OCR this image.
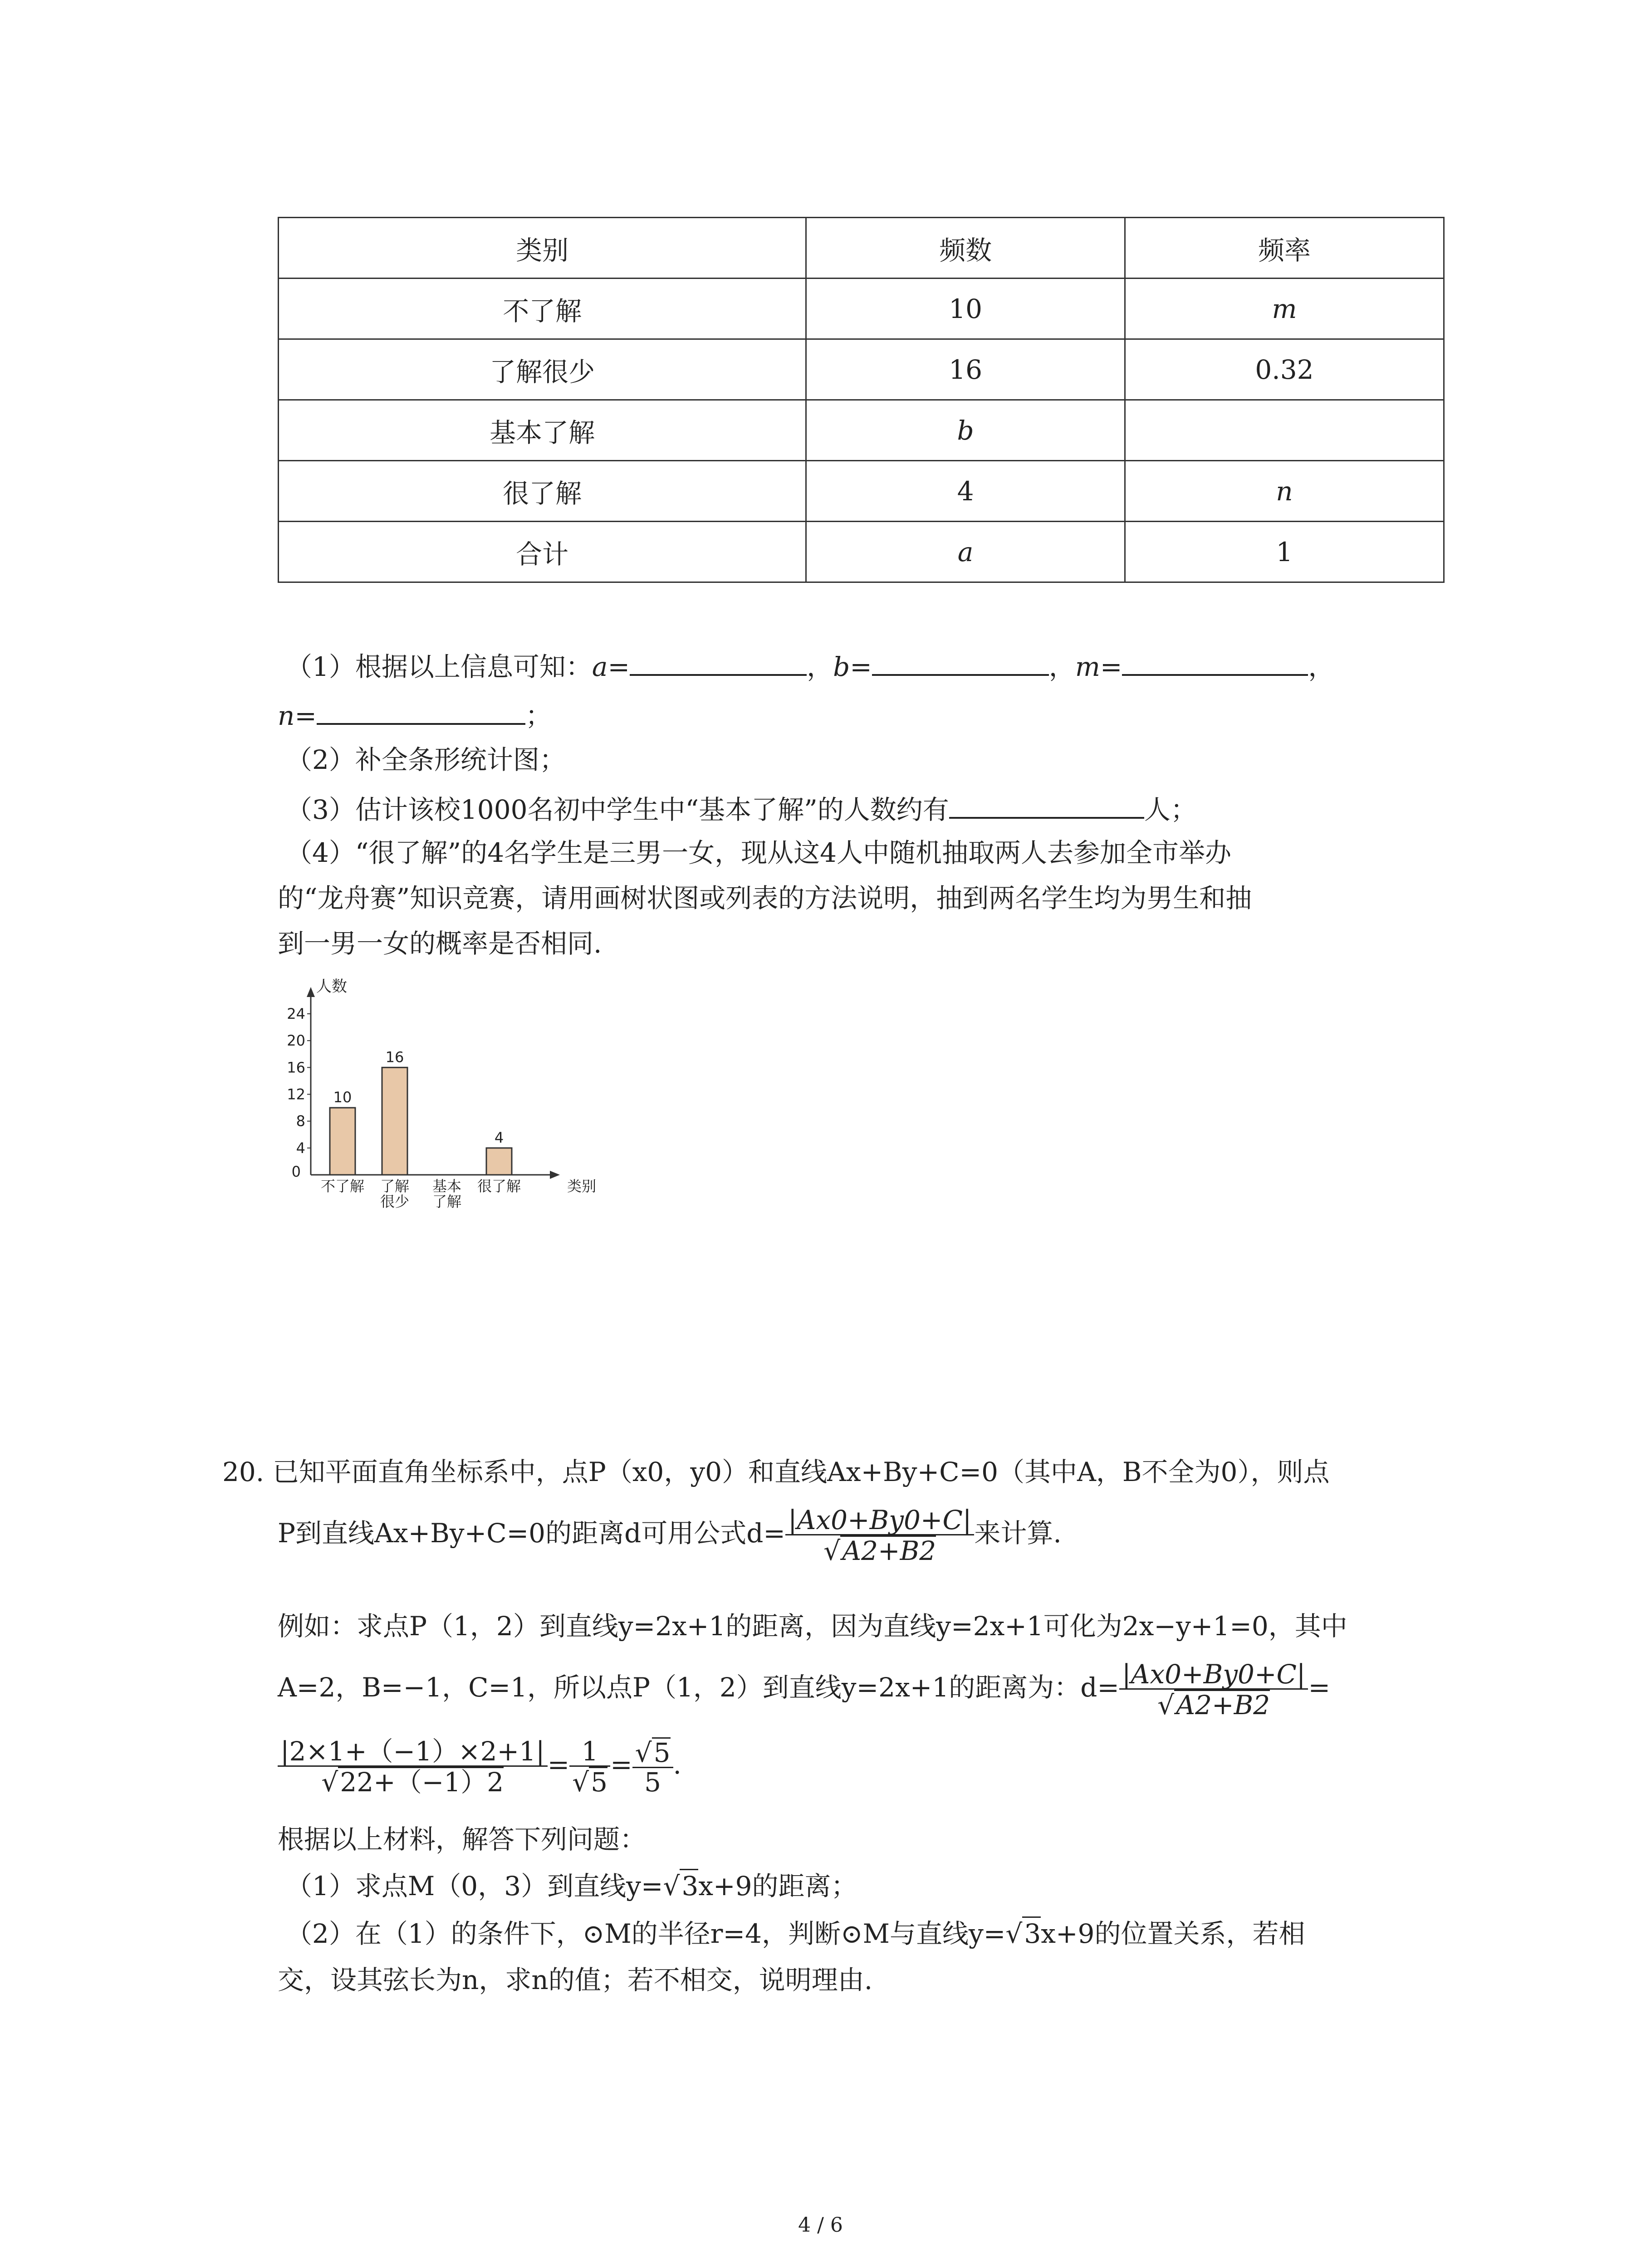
类别	频数	频率
不了解	10	m
了解很少	16	0.32
基本了解	b	
很了解	4	n
合计	a	1
（1）根据以上信息可知：a=	，b=	，m=	，
n=	；
（2）补全条形统计图；
（3）估计该校1000名初中学生中“基本了解”的人数约有	人；
（4）“很了解”的4名学生是三男一女，现从这4人中随机抽取两人去参加全市举办
的“龙舟赛”知识竞赛，请用画树状图或列表的方法说明，抽到两名学生均为男生和抽
到一男一女的概率是否相同.
人数
0
4
8
12
16
20
24
10
不了解
16
了解
很少
基本
了解
4
很了解	类别
20. 已知平面直角坐标系中，点P（x0，y0）和直线Ax+By+C=0（其中A，B不全为0），则点
P到直线Ax+By+C=0的距离d可用公式$d= \frac{|Ax0+By0+C|}{√A2+B2}$ 来计算.
例如：求点P（1，2）到直线y=2x+1的距离，因为直线y=2x+1可化为2x−y+1=0，其中
A=2，B=−1，C=1，所以点P（1，2）到直线y=2x+1的距离为：$d= \frac{|Ax0+By0+C|}{√A2+B2}$ =
$\frac{|2\times 1+(-1)\times 2+1|}{√22+(-1)2} = \frac{1}{√5} = \frac{√5}{5}$ .
根据以上材料，解答下列问题：
（1）求点M（0，3）到直线y=√3x+9的距离；
（2）在（1）的条件下，⊙M的半径r=4，判断⊙M与直线y=√3x+9的位置关系，若相
交，设其弦长为n，求n的值；若不相交，说明理由.
4 / 6
